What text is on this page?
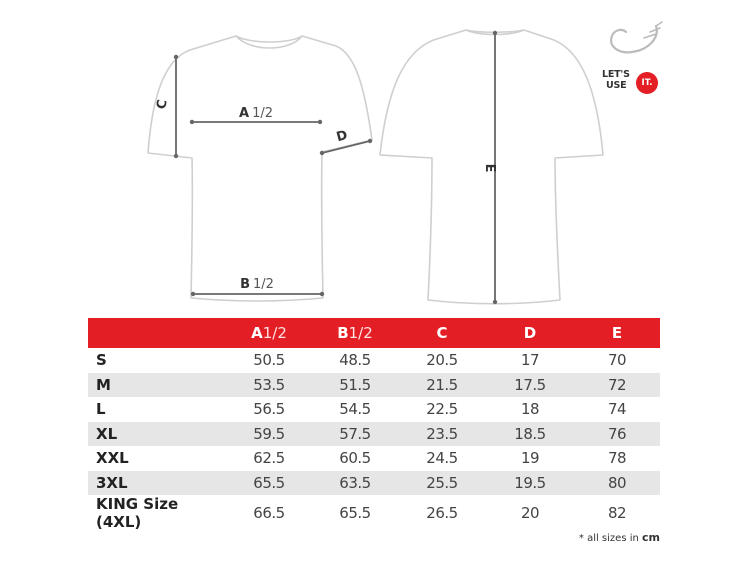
C
A 1/2
D
B 1/2
E
LET'S
USE	IT.
	A1/2	B1/2	C	D	E
S	50.5	48.5	20.5	17	70
M	53.5	51.5	21.5	17.5	72
L	56.5	54.5	22.5	18	74
XL	59.5	57.5	23.5	18.5	76
XXL	62.5	60.5	24.5	19	78
3XL	65.5	63.5	25.5	19.5	80
KING Size (4XL)	66.5	65.5	26.5	20	82
* all sizes in cm
